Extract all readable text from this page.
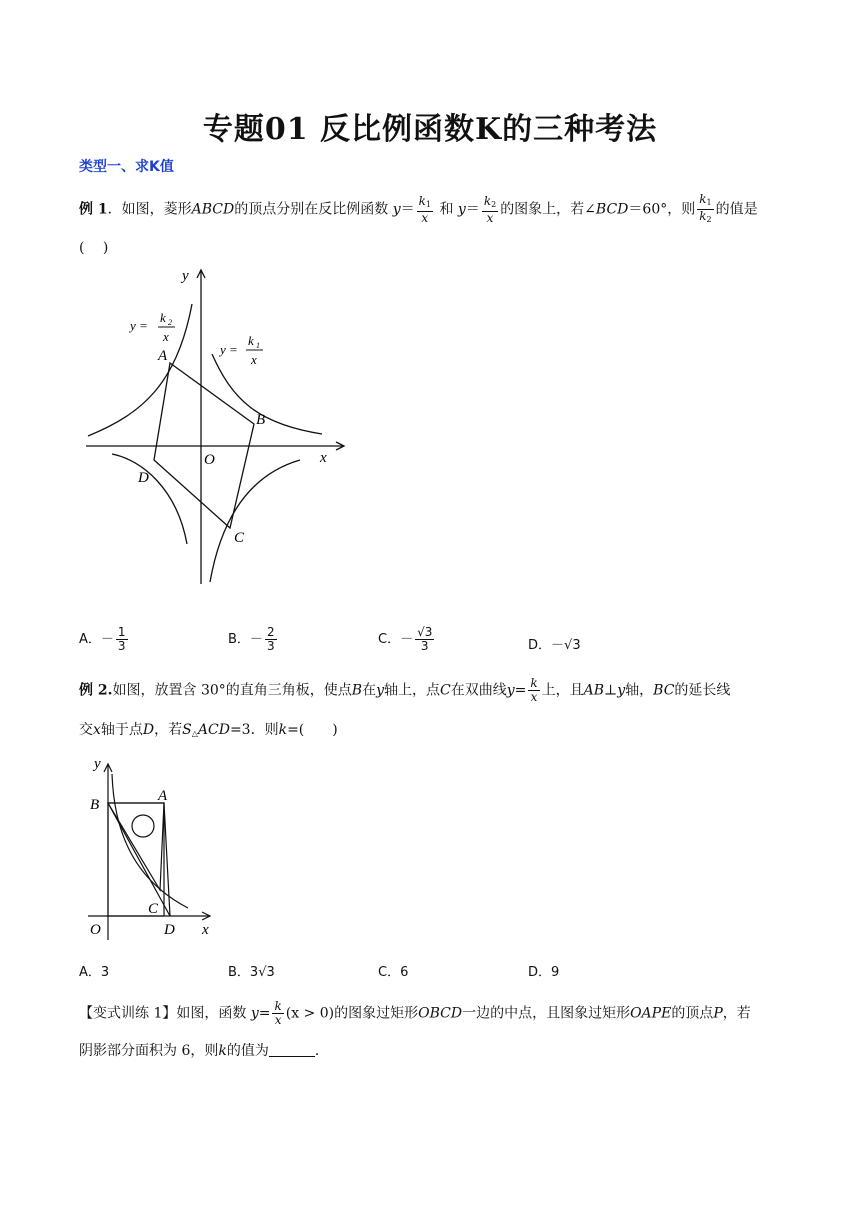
专题01 反比例函数K的三种考法
类型一、求K值
例 1．如图，菱形ABCD的顶点分别在反比例函数 $y= \frac{k_1}{x}$ 和 $y= \frac{k_2}{x}$ 的图象上，若∠BCD＝60°，则 $\frac{k_1}{k_2}$ 的值是
(　 )
A
B
C
D
O	x
y
y =
k 2
x
y =
k 1
x
A．－ $\frac{1}{3}$	B．－ $\frac{2}{3}$	C．－ $\frac{√3}{3}$	D．－√3
例 2.如图，放置含 30°的直角三角板，使点B在y轴上，点C在双曲线$y= \frac{k}{x}$ 上，且AB⊥y轴，BC的延长线
交x轴于点D，若$S_\triangle ACD=3$．则k=(　　)
A
B
C
D
O	x
y
A．3	B．3√3	C．6	D．9
【变式训练 1】如图，函数 $y= \frac{k}{x} (x > 0)$的图象过矩形OBCD一边的中点，且图象过矩形OAPE的顶点P，若
阴影部分面积为 6，则k的值为	．
